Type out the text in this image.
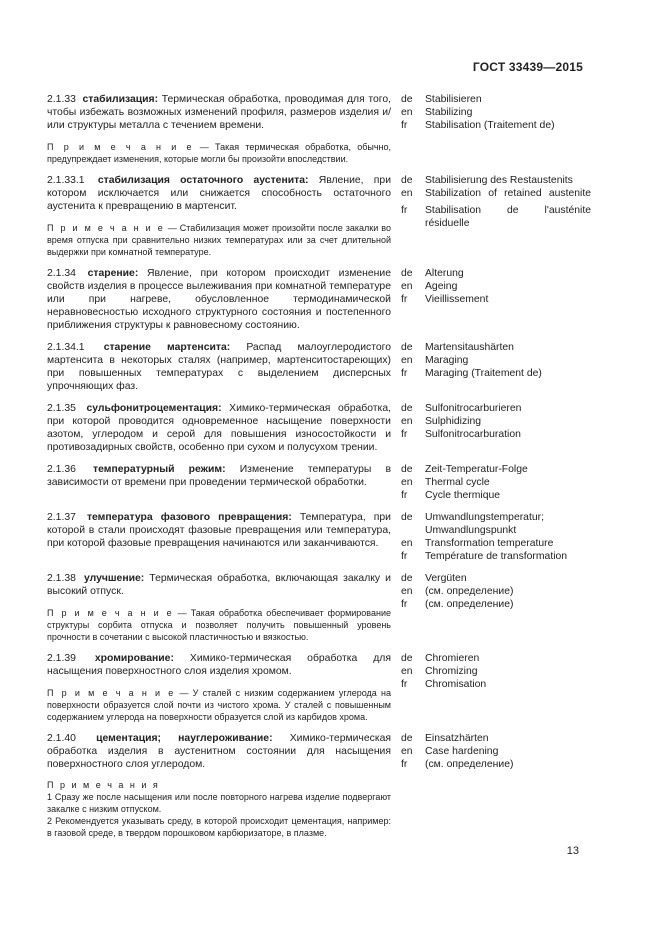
ГОСТ 33439—2015
2.1.33 стабилизация: Термическая обработка, проводимая для того, чтобы избежать возможных изменений профиля, размеров изделия и/или структуры металла с течением времени.
П р и м е ч а н и е — Такая термическая обработка, обычно, предупреждает изменения, которые могли бы произойти впоследствии.
de	Stabilisieren
en	Stabilizing
fr	Stabilisation (Traitement de)
2.1.33.1 стабилизация остаточного аустенита: Явление, при котором исключается или снижается способность остаточного аустенита к превращению в мартенсит.
П р и м е ч а н и е — Стабилизация может произойти после закалки во время отпуска при сравнительно низких температурах или за счет длительной выдержки при комнатной температуре.
de	Stabilisierung des Restaustenits
en	Stabilization of retained austenite
fr	Stabilisation de l'austénite résiduelle
2.1.34 старение: Явление, при котором происходит изменение свойств изделия в процессе вылеживания при комнатной температуре или при нагреве, обусловленное термодинамической неравновесностью исходного структурного состояния и постепенного приближения структуры к равновесному состоянию.
de	Alterung
en	Ageing
fr	Vieillissement
2.1.34.1 старение мартенсита: Распад малоуглеродистого мартенсита в некоторых сталях (например, мартенситостареющих) при повышенных температурах с выделением дисперсных упрочняющих фаз.
de	Martensitaushärten
en	Maraging
fr	Maraging (Traitement de)
2.1.35 сульфонитроцементация: Химико-термическая обработка, при которой проводится одновременное насыщение поверхности азотом, углеродом и серой для повышения износостойкости и противозадирных свойств, особенно при сухом и полусухом трении.
de	Sulfonitrocarburieren
en	Sulphidizing
fr	Sulfonitrocarburation
2.1.36 температурный режим: Изменение температуры в зависимости от времени при проведении термической обработки.
de	Zeit-Temperatur-Folge
en	Thermal cycle
fr	Cycle thermique
2.1.37 температура фазового превращения: Температура, при которой в стали происходят фазовые превращения или температура, при которой фазовые превращения начинаются или заканчиваются.
de	Umwandlungstemperatur; Umwandlungspunkt
en	Transformation temperature
fr	Température de transformation
2.1.38 улучшение: Термическая обработка, включающая закалку и высокий отпуск.
П р и м е ч а н и е — Такая обработка обеспечивает формирование структуры сорбита отпуска и позволяет получить повышенный уровень прочности в сочетании с высокой пластичностью и вязкостью.
de	Vergüten
en	(см. определение)
fr	(см. определение)
2.1.39 хромирование: Химико-термическая обработка для насыщения поверхностного слоя изделия хромом.
П р и м е ч а н и е — У сталей с низким содержанием углерода на поверхности образуется слой почти из чистого хрома. У сталей с повышенным содержанием углерода на поверхности образуется слой из карбидов хрома.
de	Chromieren
en	Chromizing
fr	Chromisation
2.1.40 цементация; науглероживание: Химико-термическая обработка изделия в аустенитном состоянии для насыщения поверхностного слоя углеродом.
П р и м е ч а н и я
1 Сразу же после насыщения или после повторного нагрева изделие подвергают закалке с низким отпуском.
2 Рекомендуется указывать среду, в которой происходит цементация, например: в газовой среде, в твердом порошковом карбюризаторе, в плазме.
de	Einsatzhärten
en	Case hardening
fr	(см. определение)
13
